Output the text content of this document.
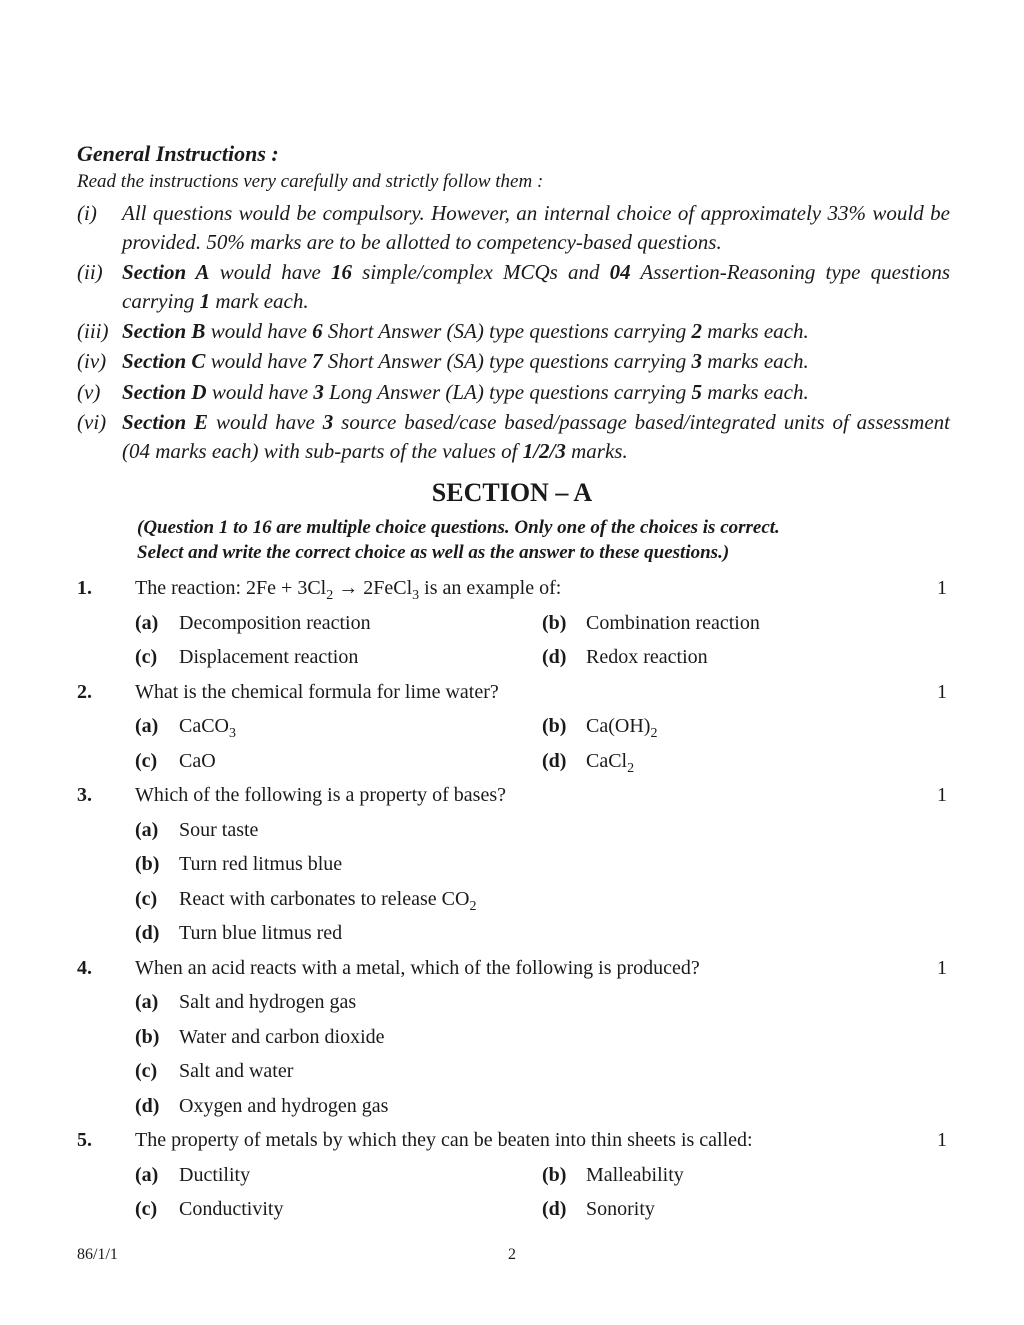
General Instructions :
Read the instructions very carefully and strictly follow them :
(i)	All questions would be compulsory. However, an internal choice of approximately 33% would be provided. 50% marks are to be allotted to competency-based questions.
(ii) Section A would have 16 simple/complex MCQs and 04 Assertion-Reasoning type questions carrying 1 mark each.
(iii) Section B would have 6 Short Answer (SA) type questions carrying 2 marks each.
(iv) Section C would have 7 Short Answer (SA) type questions carrying 3 marks each.
(v)	Section D would have 3 Long Answer (LA) type questions carrying 5 marks each.
(vi) Section E would have 3 source based/case based/passage based/integrated units of assessment (04 marks each) with sub-parts of the values of 1/2/3 marks.
SECTION – A
(Question 1 to 16 are multiple choice questions. Only one of the choices is correct.
Select and write the correct choice as well as the answer to these questions.)
1. The reaction: $2Fe + 3Cl_2$ → 2FeCl$_3$ is an example of:	1
(a) Decomposition reaction	(b) Combination reaction
(c) Displacement reaction	(d) Redox reaction
2. What is the chemical formula for lime water?	1
(a) CaCO$_3$	(b) $Ca(OH)_2$
(c) CaO	(d) CaCl$_2$
3. Which of the following is a property of bases?	1
(a) Sour taste
(b) Turn red litmus blue
(c) React with carbonates to release $CO_2$
(d) Turn blue litmus red
4. When an acid reacts with a metal, which of the following is produced?	1
(a) Salt and hydrogen gas
(b) Water and carbon dioxide
(c) Salt and water
(d) Oxygen and hydrogen gas
5. The property of metals by which they can be beaten into thin sheets is called:	1
(a) Ductility	(b) Malleability
(c) Conductivity	(d) Sonority
86/1/1	2
